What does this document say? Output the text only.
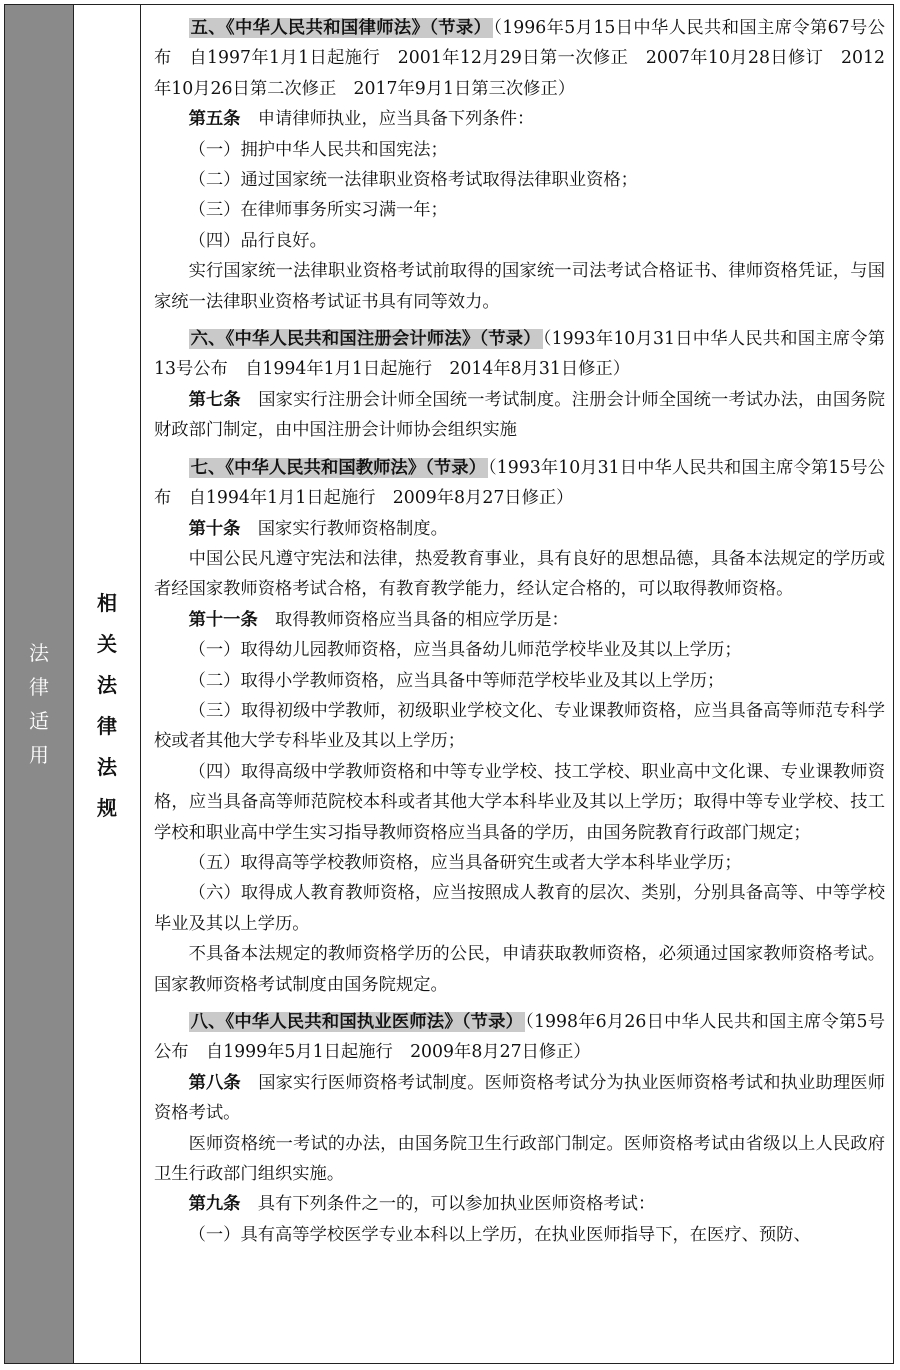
法律适用
相关法律法规

五、《中华人民共和国律师法》（节录） （1996年5月15日中华人民共和国主席令第67号公布　自1997年1月1日起施行　2001年12月29日第一次修正　2007年10月28日修订　2012年10月26日第二次修正　2017年9月1日第三次修正）

第五条　 申请律师执业，应当具备下列条件：

（一）拥护中华人民共和国宪法；

（二）通过国家统一法律职业资格考试取得法律职业资格；

（三）在律师事务所实习满一年；

（四）品行良好。

实行国家统一法律职业资格考试前取得的国家统一司法考试合格证书、律师资格凭证，与国家统一法律职业资格考试证书具有同等效力。

六、《中华人民共和国注册会计师法》（节录） （1993年10月31日中华人民共和国主席令第13号公布　自1994年1月1日起施行　2014年8月31日修正）

第七条　 国家实行注册会计师全国统一考试制度。注册会计师全国统一考试办法，由国务院财政部门制定，由中国注册会计师协会组织实施

七、《中华人民共和国教师法》（节录） （1993年10月31日中华人民共和国主席令第15号公布　自1994年1月1日起施行　2009年8月27日修正）

第十条　 国家实行教师资格制度。

中国公民凡遵守宪法和法律，热爱教育事业，具有良好的思想品德，具备本法规定的学历或者经国家教师资格考试合格，有教育教学能力，经认定合格的，可以取得教师资格。

第十一条　 取得教师资格应当具备的相应学历是：

（一）取得幼儿园教师资格，应当具备幼儿师范学校毕业及其以上学历；

（二）取得小学教师资格，应当具备中等师范学校毕业及其以上学历；

（三）取得初级中学教师，初级职业学校文化、专业课教师资格，应当具备高等师范专科学校或者其他大学专科毕业及其以上学历；

（四）取得高级中学教师资格和中等专业学校、技工学校、职业高中文化课、专业课教师资格，应当具备高等师范院校本科或者其他大学本科毕业及其以上学历；取得中等专业学校、技工学校和职业高中学生实习指导教师资格应当具备的学历，由国务院教育行政部门规定；

（五）取得高等学校教师资格，应当具备研究生或者大学本科毕业学历；

（六）取得成人教育教师资格，应当按照成人教育的层次、类别，分别具备高等、中等学校毕业及其以上学历。

不具备本法规定的教师资格学历的公民，申请获取教师资格，必须通过国家教师资格考试。国家教师资格考试制度由国务院规定。

八、《中华人民共和国执业医师法》（节录） （1998年6月26日中华人民共和国主席令第5号公布　自1999年5月1日起施行　2009年8月27日修正）

第八条　 国家实行医师资格考试制度。医师资格考试分为执业医师资格考试和执业助理医师资格考试。

医师资格统一考试的办法，由国务院卫生行政部门制定。医师资格考试由省级以上人民政府卫生行政部门组织实施。

第九条　 具有下列条件之一的，可以参加执业医师资格考试：

（一）具有高等学校医学专业本科以上学历，在执业医师指导下，在医疗、预防、
